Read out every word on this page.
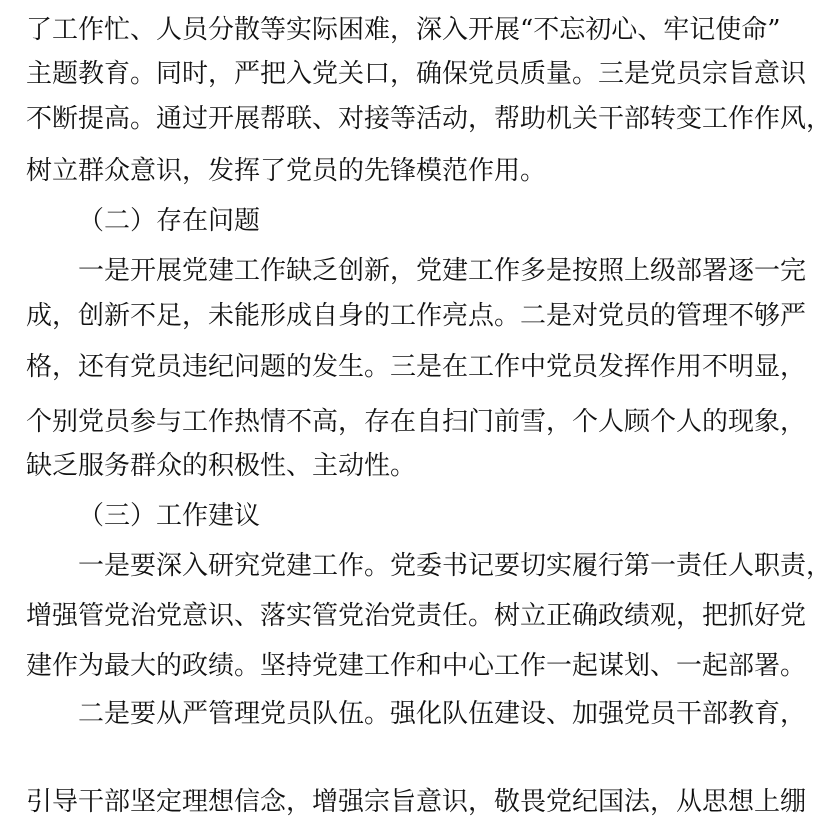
了工作忙、人员分散等实际困难，深入开展“不忘初心、牢记使命”
主题教育。同时，严把入党关口，确保党员质量。三是党员宗旨意识
不断提高。通过开展帮联、对接等活动，帮助机关干部转变工作作风，
树立群众意识，发挥了党员的先锋模范作用。
（二）存在问题
一是开展党建工作缺乏创新，党建工作多是按照上级部署逐一完
成，创新不足，未能形成自身的工作亮点。二是对党员的管理不够严
格，还有党员违纪问题的发生。三是在工作中党员发挥作用不明显，
个别党员参与工作热情不高，存在自扫门前雪，个人顾个人的现象，
缺乏服务群众的积极性、主动性。
（三）工作建议
一是要深入研究党建工作。党委书记要切实履行第一责任人职责，
增强管党治党意识、落实管党治党责任。树立正确政绩观，把抓好党
建作为最大的政绩。坚持党建工作和中心工作一起谋划、一起部署。
二是要从严管理党员队伍。强化队伍建设、加强党员干部教育，
引导干部坚定理想信念，增强宗旨意识，敬畏党纪国法，从思想上绷
